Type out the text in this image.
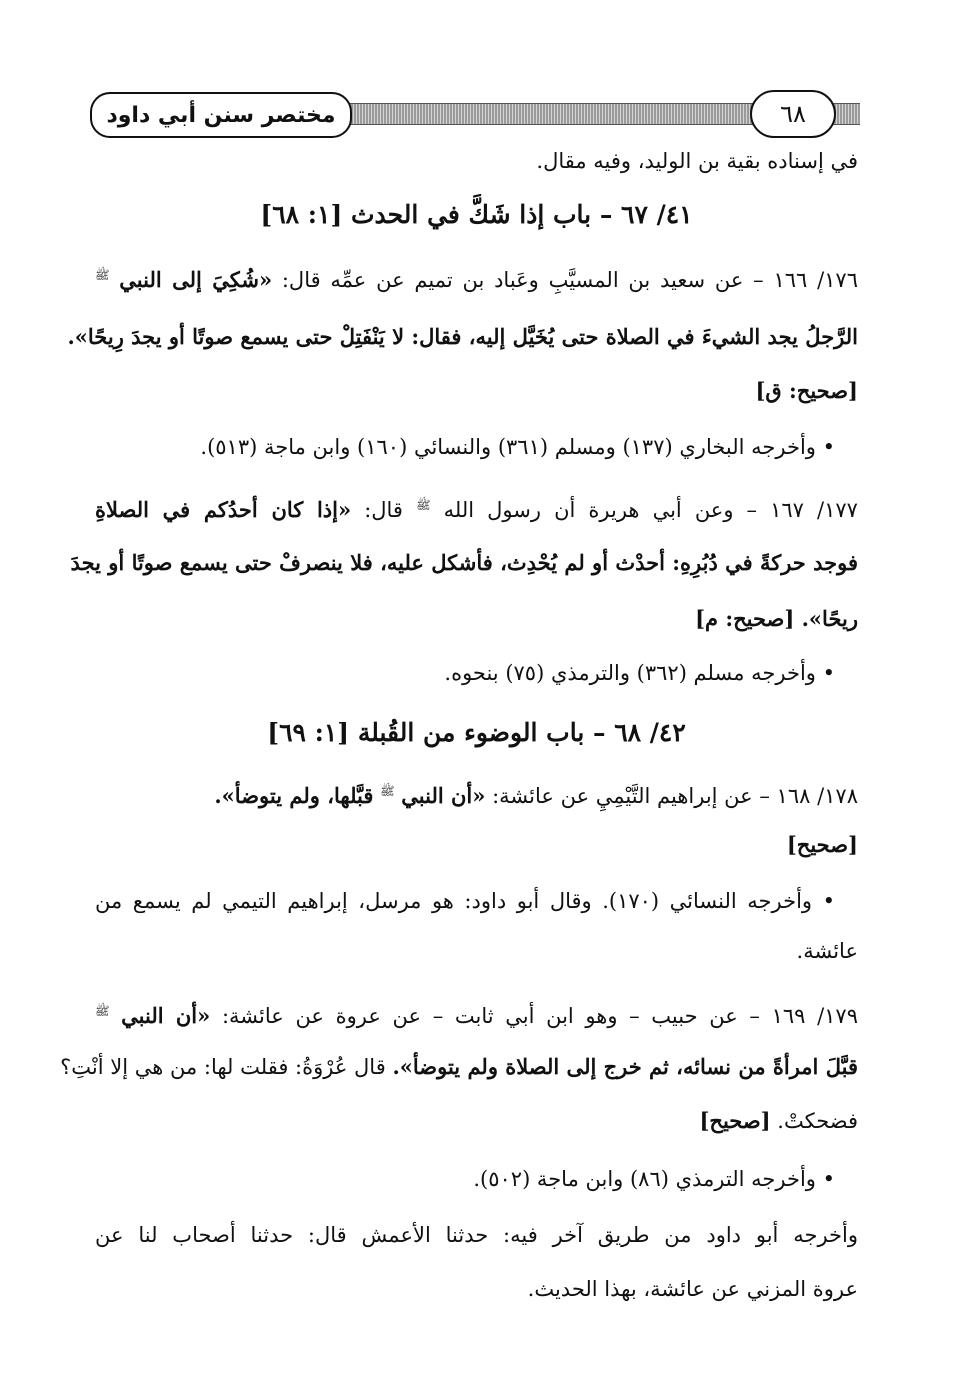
مختصر سنن أبي داود	٦٨
في إسناده بقية بن الوليد، وفيه مقال.
٤١/ ٦٧ – باب إذا شَكَّ في الحدث [١: ٦٨]
١٧٦/ ١٦٦ – عن سعيد بن المسيَّبِ وعَباد بن تميم عن عمِّه قال: «شُكِيَ إلى النبي $^ﷺ$
الرَّجلُ يجد الشيءَ في الصلاة حتى يُخَيَّل إليه، فقال: لا يَنْفَتِلْ حتى يسمع صوتًا أو يجدَ رِيحًا».
[صحيح: ق]
• وأخرجه البخاري (١٣٧) ومسلم (٣٦١) والنسائي (١٦٠) وابن ماجة (٥١٣).
١٧٧/ ١٦٧ – وعن أبي هريرة أن رسول الله $^ﷺ$ قال: «إذا كان أحدُكم في الصلاةِ
فوجد حركةً في دُبُرِهِ: أحدْث أو لم يُحْدِث، فأشكل عليه، فلا ينصرفْ حتى يسمع صوتًا أو يجدَ
ريحًا». [صحيح: م]
• وأخرجه مسلم (٣٦٢) والترمذي (٧٥) بنحوه.
٤٢/ ٦٨ – باب الوضوء من القُبلة [١: ٦٩]
١٧٨/ ١٦٨ – عن إبراهيم التَّيْمِيِ عن عائشة: «أن النبي $^ﷺ$ قبَّلها، ولم يتوضأ».
[صحيح]
• وأخرجه النسائي (١٧٠). وقال أبو داود: هو مرسل، إبراهيم التيمي لم يسمع من
عائشة.
١٧٩/ ١٦٩ – عن حبيب – وهو ابن أبي ثابت – عن عروة عن عائشة: «أن النبي $^ﷺ$
قبَّلَ امرأةً من نسائه، ثم خرج إلى الصلاة ولم يتوضأ». قال عُرْوَةُ: فقلت لها: من هي إلا أنْتِ؟
فضحكتْ. [صحيح]
• وأخرجه الترمذي (٨٦) وابن ماجة (٥٠٢).
وأخرجه أبو داود من طريق آخر فيه: حدثنا الأعمش قال: حدثنا أصحاب لنا عن
عروة المزني عن عائشة، بهذا الحديث.
